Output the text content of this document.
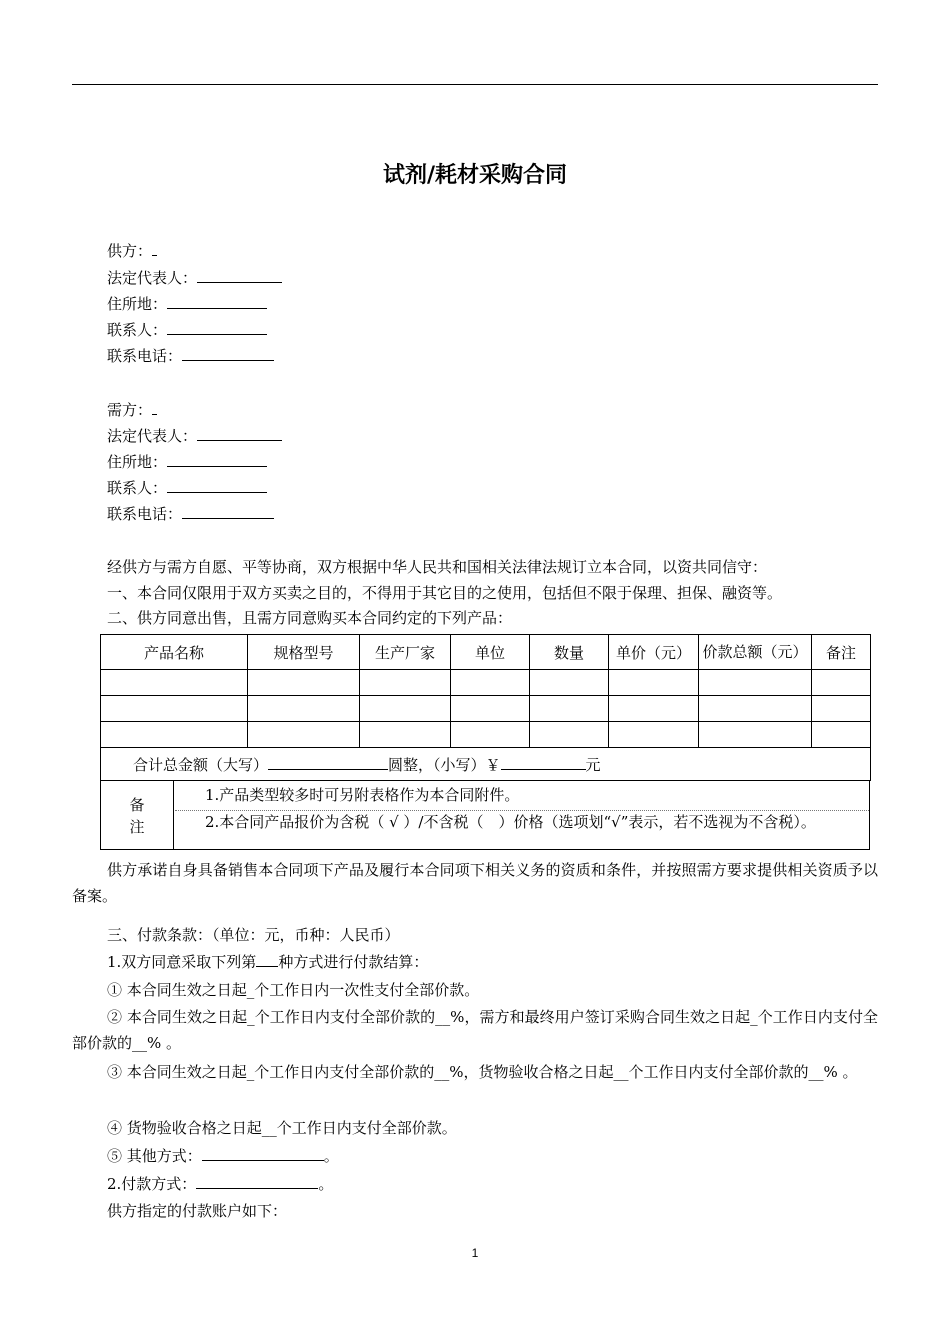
试剂/耗材采购合同
供方：
法定代表人：
住所地：
联系人：
联系电话：
需方：
法定代表人：
住所地：
联系人：
联系电话：
经供方与需方自愿、平等协商，双方根据中华人民共和国相关法律法规订立本合同，以资共同信守：
一、本合同仅限用于双方买卖之目的，不得用于其它目的之使用，包括但不限于保理、担保、融资等。
二、供方同意出售，且需方同意购买本合同约定的下列产品：
产品名称	规格型号	生产厂家	单位	数量	单价（元）	价款总额（元）	备注

合计总金额（大写） 圆整，（小写）￥ 元							
备
注
1.产品类型较多时可另附表格作为本合同附件。
2.本合同产品报价为含税（ √ ）/不含税（　）价格（选项划“√”表示，若不选视为不含税）。
供方承诺自身具备销售本合同项下产品及履行本合同项下相关义务的资质和条件，并按照需方要求提供相关资质予以备案。
三、付款条款：（单位：元，币种：人民币）
1.双方同意采取下列第 种方式进行付款结算：
① 本合同生效之日起_个工作日内一次性支付全部价款。
② 本合同生效之日起_个工作日内支付全部价款的__%，需方和最终用户签订采购合同生效之日起_个工作日内支付全部价款的__% 。
③ 本合同生效之日起_个工作日内支付全部价款的__%，货物验收合格之日起__个工作日内支付全部价款的__% 。
④ 货物验收合格之日起__个工作日内支付全部价款。
⑤ 其他方式：	。
2.付款方式：	。
供方指定的付款账户如下：
1
